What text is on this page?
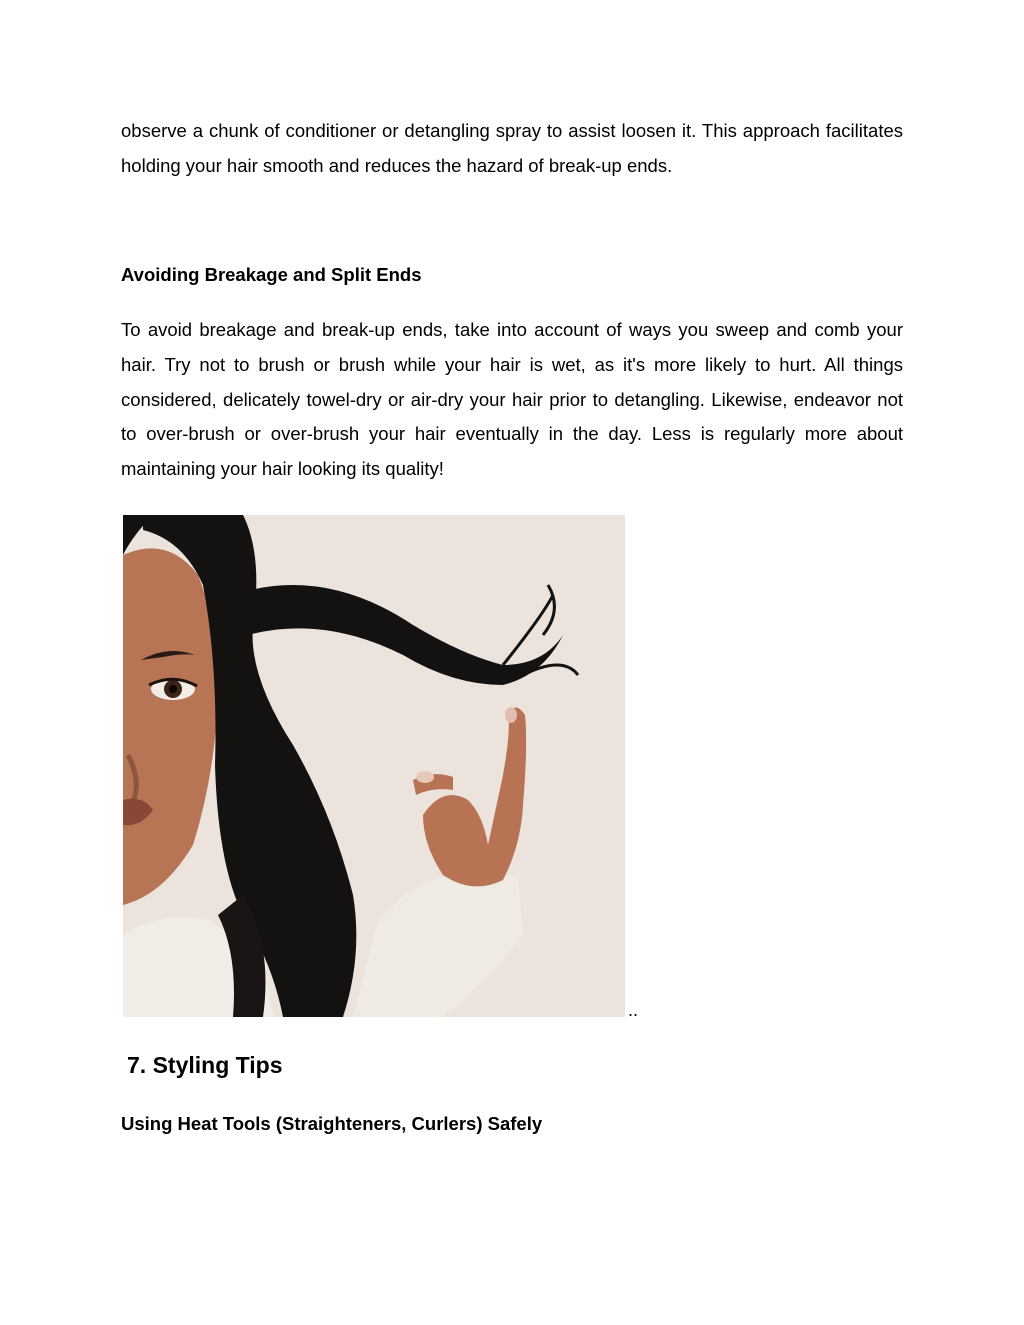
observe a chunk of conditioner or detangling spray to assist loosen it. This approach facilitates holding your hair smooth and reduces the hazard of break-up ends.

Avoiding Breakage and Split Ends

To avoid breakage and break-up ends, take into account of ways you sweep and comb your hair. Try not to brush or brush while your hair is wet, as it's more likely to hurt. All things considered, delicately towel-dry or air-dry your hair prior to detangling. Likewise, endeavor not to over-brush or over-brush your hair eventually in the day. Less is regularly more about maintaining your hair looking its quality!

..

7. Styling Tips
Using Heat Tools (Straighteners, Curlers) Safely
